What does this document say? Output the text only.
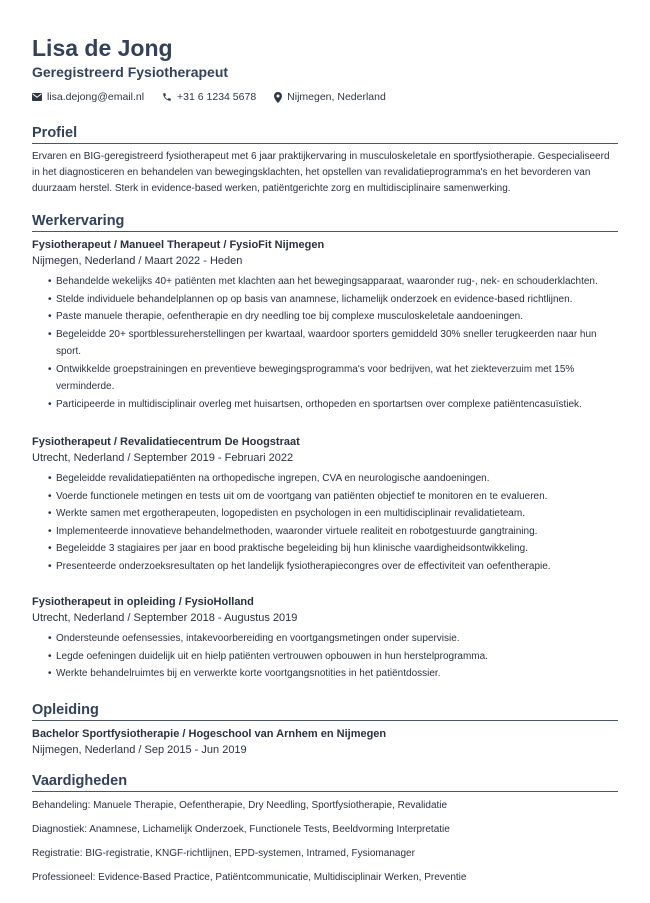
Lisa de Jong
Geregistreerd Fysiotherapeut
lisa.dejong@email.nl	+31 6 1234 5678	Nijmegen, Nederland
Profiel
Ervaren en BIG-geregistreerd fysiotherapeut met 6 jaar praktijkervaring in musculoskeletale en sportfysiotherapie. Gespecialiseerd in het diagnosticeren en behandelen van bewegingsklachten, het opstellen van revalidatieprogramma's en het bevorderen van duurzaam herstel. Sterk in evidence-based werken, patiëntgerichte zorg en multidisciplinaire samenwerking.
Werkervaring
Fysiotherapeut / Manueel Therapeut / FysioFit Nijmegen
Nijmegen, Nederland / Maart 2022 - Heden
• Behandelde wekelijks 40+ patiënten met klachten aan het bewegingsapparaat, waaronder rug-, nek- en schouderklachten.
• Stelde individuele behandelplannen op op basis van anamnese, lichamelijk onderzoek en evidence-based richtlijnen.
• Paste manuele therapie, oefentherapie en dry needling toe bij complexe musculoskeletale aandoeningen.
• Begeleidde 20+ sportblessureherstellingen per kwartaal, waardoor sporters gemiddeld 30% sneller terugkeerden naar hun sport.
• Ontwikkelde groepstrainingen en preventieve bewegingsprogramma's voor bedrijven, wat het ziekteverzuim met 15% verminderde.
• Participeerde in multidisciplinair overleg met huisartsen, orthopeden en sportartsen over complexe patiëntencasuïstiek.
Fysiotherapeut / Revalidatiecentrum De Hoogstraat
Utrecht, Nederland / September 2019 - Februari 2022
• Begeleidde revalidatiepatiënten na orthopedische ingrepen, CVA en neurologische aandoeningen.
• Voerde functionele metingen en tests uit om de voortgang van patiënten objectief te monitoren en te evalueren.
• Werkte samen met ergotherapeuten, logopedisten en psychologen in een multidisciplinair revalidatieteam.
• Implementeerde innovatieve behandelmethoden, waaronder virtuele realiteit en robotgestuurde gangtraining.
• Begeleidde 3 stagiaires per jaar en bood praktische begeleiding bij hun klinische vaardigheidsontwikkeling.
• Presenteerde onderzoeksresultaten op het landelijk fysiotherapiecongres over de effectiviteit van oefentherapie.
Fysiotherapeut in opleiding / FysioHolland
Utrecht, Nederland / September 2018 - Augustus 2019
• Ondersteunde oefensessies, intakevoorbereiding en voortgangsmetingen onder supervisie.
• Legde oefeningen duidelijk uit en hielp patiënten vertrouwen opbouwen in hun herstelprogramma.
• Werkte behandelruimtes bij en verwerkte korte voortgangsnotities in het patiëntdossier.
Opleiding
Bachelor Sportfysiotherapie / Hogeschool van Arnhem en Nijmegen
Nijmegen, Nederland / Sep 2015 - Jun 2019
Vaardigheden
Behandeling: Manuele Therapie, Oefentherapie, Dry Needling, Sportfysiotherapie, Revalidatie
Diagnostiek: Anamnese, Lichamelijk Onderzoek, Functionele Tests, Beeldvorming Interpretatie
Registratie: BIG-registratie, KNGF-richtlijnen, EPD-systemen, Intramed, Fysiomanager
Professioneel: Evidence-Based Practice, Patiëntcommunicatie, Multidisciplinair Werken, Preventie
